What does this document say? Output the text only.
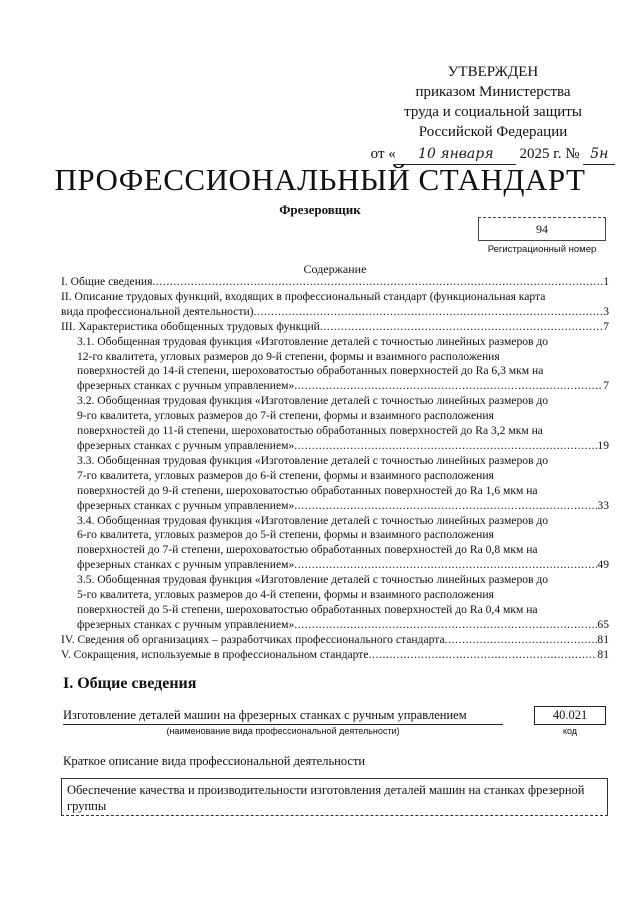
УТВЕРЖДЕН
приказом Министерства
труда и социальной защиты
Российской Федерации
от « 10 января 2025 г. № 5н
ПРОФЕССИОНАЛЬНЫЙ СТАНДАРТ
Фрезеровщик
94
Регистрационный номер
Содержание
I. Общие сведения .....	1
II. Описание трудовых функций, входящих в профессиональный стандарт (функциональная карта
вида профессиональной деятельности) .....	3
III. Характеристика обобщенных трудовых функций .....	7
3.1. Обобщенная трудовая функция «Изготовление деталей с точностью линейных размеров до
12-го квалитета, угловых размеров до 9-й степени, формы и взаимного расположения
поверхностей до 14-й степени, шероховатостью обработанных поверхностей до Ra 6,3 мкм на
фрезерных станках с ручным управлением» .....	7
3.2. Обобщенная трудовая функция «Изготовление деталей с точностью линейных размеров до
9-го квалитета, угловых размеров до 7-й степени, формы и взаимного расположения
поверхностей до 11-й степени, шероховатостью обработанных поверхностей до Ra 3,2 мкм на
фрезерных станках с ручным управлением» .....	19
3.3. Обобщенная трудовая функция «Изготовление деталей с точностью линейных размеров до
7-го квалитета, угловых размеров до 6-й степени, формы и взаимного расположения
поверхностей до 9-й степени, шероховатостью обработанных поверхностей до Ra 1,6 мкм на
фрезерных станках с ручным управлением» .....	33
3.4. Обобщенная трудовая функция «Изготовление деталей с точностью линейных размеров до
6-го квалитета, угловых размеров до 5-й степени, формы и взаимного расположения
поверхностей до 7-й степени, шероховатостью обработанных поверхностей до Ra 0,8 мкм на
фрезерных станках с ручным управлением» .....	49
3.5. Обобщенная трудовая функция «Изготовление деталей с точностью линейных размеров до
5-го квалитета, угловых размеров до 4-й степени, формы и взаимного расположения
поверхностей до 5-й степени, шероховатостью обработанных поверхностей до Ra 0,4 мкм на
фрезерных станках с ручным управлением» .....	65
IV. Сведения об организациях – разработчиках профессионального стандарта .....	81
V. Сокращения, используемые в профессиональном стандарте .....	81
I. Общие сведения
Изготовление деталей машин на фрезерных станках с ручным управлением	40.021
(наименование вида профессиональной деятельности)	код
Краткое описание вида профессиональной деятельности
Обеспечение качества и производительности изготовления деталей машин на станках фрезерной группы
